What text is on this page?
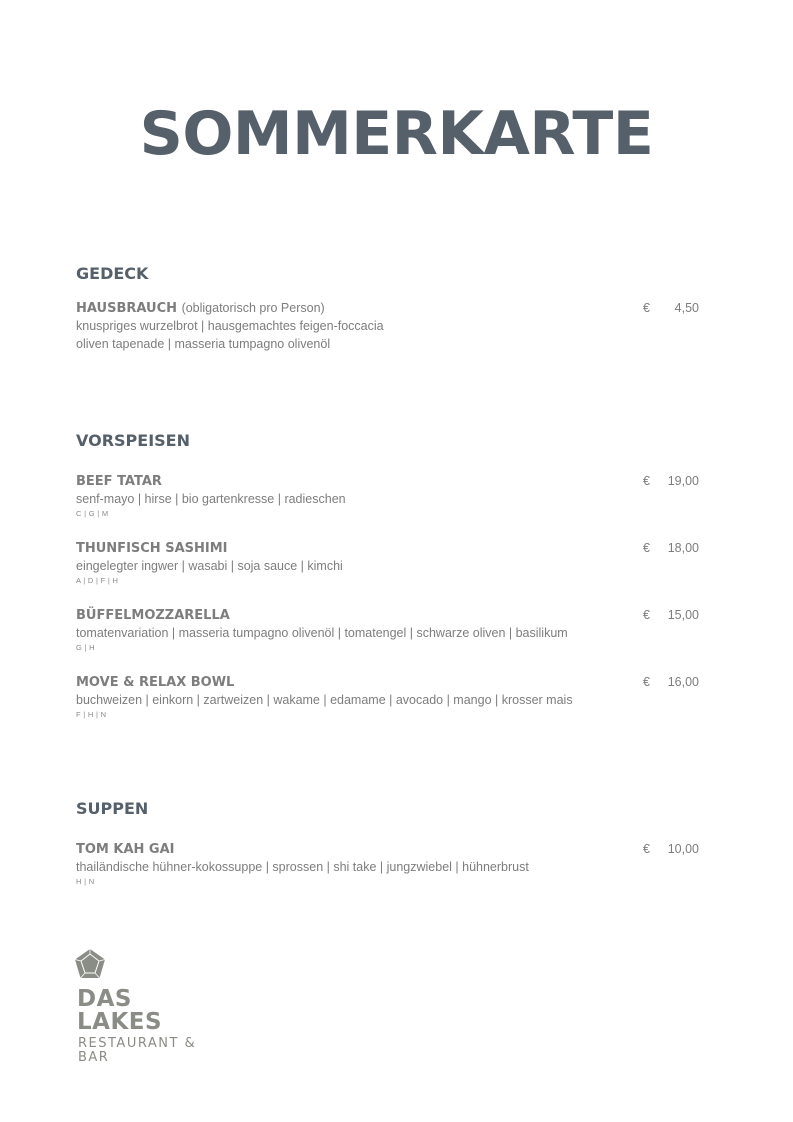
SOMMERKARTE
GEDECK
HAUSBRAUCH (obligatorisch pro Person)
knuspriges wurzelbrot | hausgemachtes feigen-foccacia
oliven tapenade | masseria tumpagno olivenöl
€ 4,50
VORSPEISEN
BEEF TATAR
senf-mayo | hirse | bio gartenkresse | radieschen
C | G | M
€ 19,00
THUNFISCH SASHIMI
eingelegter ingwer | wasabi | soja sauce | kimchi
A | D | F | H
€ 18,00
BÜFFELMOZZARELLA
tomatenvariation | masseria tumpagno olivenöl | tomatengel | schwarze oliven | basilikum
G | H
€ 15,00
MOVE & RELAX BOWL
buchweizen | einkorn | zartweizen | wakame | edamame | avocado | mango | krosser mais
F | H | N
€ 16,00
SUPPEN
TOM KAH GAI
thailändische hühner-kokossuppe | sprossen | shi take | jungzwiebel | hühnerbrust
H | N
€ 10,00
DAS
LAKES
RESTAURANT &
BAR
